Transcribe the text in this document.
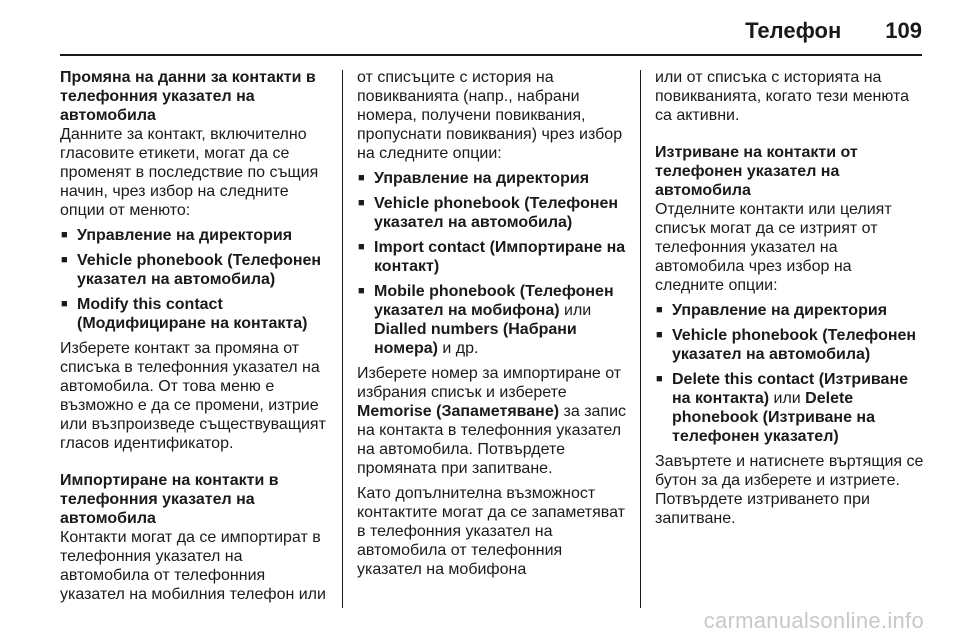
Телефон 109
Промяна на данни за контакти в телефонния указател на автомобила
Данните за контакт, включително гласовите етикети, могат да се променят в последствие по същия начин, чрез избор на следните опции от менюто:
■ Управление на директория
■ Vehicle phonebook (Телефонен указател на автомобила)
■ Modify this contact (Модифициране на контакта)
Изберете контакт за промяна от списъка в телефонния указател на автомобила. От това меню е възможно е да се промени, изтрие или възпроизведе съществуващият гласов идентификатор.
Импортиране на контакти в телефонния указател на автомобила
Контакти могат да се импортират в телефонния указател на автомобила от телефонния указател на мобилния телефон или
от списъците с история на повикванията (напр., набрани номера, получени повиквания, пропуснати повиквания) чрез избор на следните опции:
■ Управление на директория
■ Vehicle phonebook (Телефонен указател на автомобила)
■ Import contact (Импортиране на контакт)
■ Mobile phonebook (Телефонен указател на мобифона) или Dialled numbers (Набрани номера) и др.
Изберете номер за импортиране от избрания списък и изберете Memorise (Запаметяване) за запис на контакта в телефонния указател на автомобила. Потвърдете промяната при запитване.
Като допълнителна възможност контактите могат да се запаметяват в телефонния указател на автомобила от телефонния указател на мобифона
или от списъка с историята на повикванията, когато тези менюта са активни.
Изтриване на контакти от телефонен указател на автомобила
Отделните контакти или целият списък могат да се изтрият от телефонния указател на автомобила чрез избор на следните опции:
■ Управление на директория
■ Vehicle phonebook (Телефонен указател на автомобила)
■ Delete this contact (Изтриване на контакта) или Delete phonebook (Изтриване на телефонен указател)
Завъртете и натиснете въртящия се бутон за да изберете и изтриете. Потвърдете изтриването при запитване.
carmanualsonline.info
